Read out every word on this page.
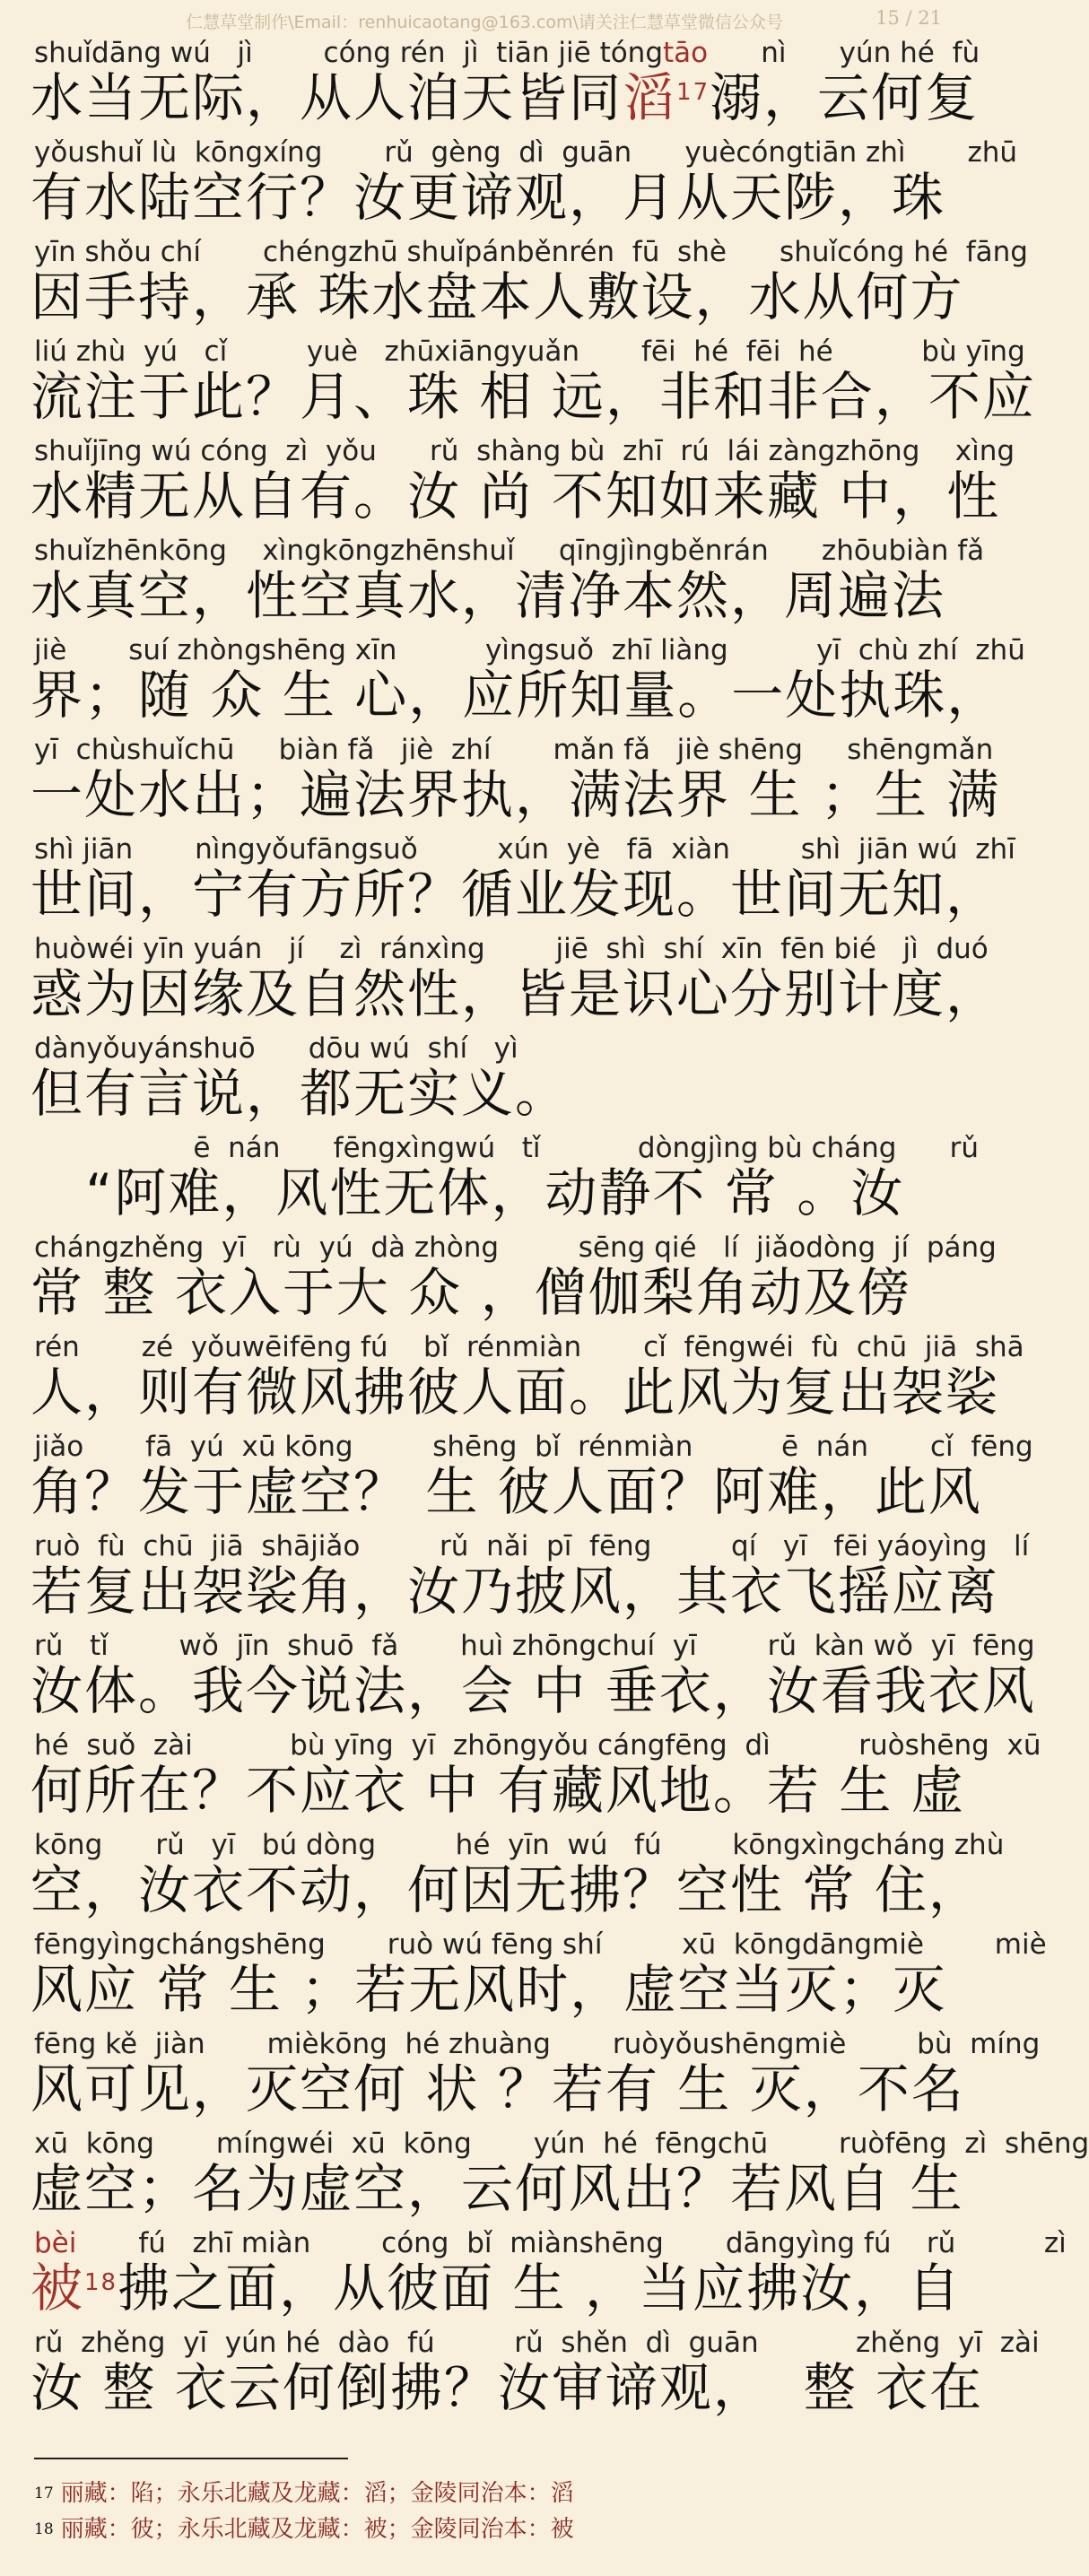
仁慧草堂制作\Email：renhuicaotang@163.com\请关注仁慧草堂微信公众号	15 / 21
shuǐdāng wú   jì        cóng rén  jì  tiān jiē tóngtāo      nì      yún hé  fù
水当无际，从人洎天皆同滔$^{17}$溺，云何复
yǒushuǐ lù  kōngxíng       rǔ  gèng  dì  guān      yuècóngtiān zhì       zhū
有水陆空行？汝更谛观，月从天陟，珠
yīn shǒu chí       chéngzhū shuǐpánběnrén  fū  shè      shuǐcóng hé  fāng
因手持，承 珠水盘本人敷设，水从何方
liú zhù  yú   cǐ         yuè   zhūxiāngyuǎn       fēi  hé  fēi  hé          bù yīng
流注于此？月、珠 相 远，非和非合，不应
shuǐjīng wú cóng  zì  yǒu      rǔ  shàng bù  zhī  rú  lái zàngzhōng    xìng
水精无从自有。汝 尚 不知如来藏 中，性
shuǐzhēnkōng    xìngkōngzhēnshuǐ     qīngjìngběnrán      zhōubiàn fǎ
水真空，性空真水，清净本然，周遍法
jiè       suí zhòngshēng xīn          yìngsuǒ  zhī liàng          yī  chù zhí  zhū
界；随 众 生 心，应所知量。一处执珠，
yī  chùshuǐchū     biàn fǎ   jiè  zhí       mǎn fǎ   jiè shēng     shēngmǎn
一处水出；遍法界执，满法界 生 ；生 满
shì jiān       nìngyǒufāngsuǒ         xún  yè   fā  xiàn        shì  jiān wú  zhī
世间，宁有方所？循业发现。世间无知，
huòwéi yīn yuán   jí    zì  ránxìng        jiē  shì  shí  xīn  fēn bié   jì  duó
惑为因缘及自然性，皆是识心分别计度，
dànyǒuyánshuō      dōu wú  shí   yì
但有言说，都无实义。
ē  nán      fēngxìngwú   tǐ           dòngjìng bù cháng      rǔ
“阿难，风性无体，动静不 常 。汝
chángzhěng  yī   rù  yú  dà zhòng         sēng qié   lí  jiǎodòng  jí  páng
常 整 衣入于大 众 ，僧伽梨角动及傍
rén       zé  yǒuwēifēng fú    bǐ  rénmiàn       cǐ  fēngwéi  fù  chū  jiā  shā
人，则有微风拂彼人面。此风为复出袈裟
jiǎo       fā  yú  xū kōng         shēng  bǐ  rénmiàn          ē  nán       cǐ  fēng
角？发于虚空？ 生 彼人面？阿难，此风
ruò  fù  chū  jiā  shājiǎo         rǔ  nǎi  pī  fēng         qí   yī   fēi yáoyìng   lí
若复出袈裟角，汝乃披风，其衣飞摇应离
rǔ   tǐ        wǒ  jīn  shuō  fǎ       huì zhōngchuí  yī        rǔ  kàn wǒ  yī  fēng
汝体。我今说法，会 中 垂衣，汝看我衣风
hé  suǒ  zài           bù yīng  yī  zhōngyǒu cángfēng  dì          ruòshēng  xū
何所在？不应衣 中 有藏风地。若 生 虚
kōng      rǔ   yī   bú dòng         hé  yīn  wú   fú        kōngxìngcháng zhù
空，汝衣不动，何因无拂？空性 常 住，
fēngyìngchángshēng       ruò wú fēng shí         xū  kōngdāngmiè        miè
风应 常 生 ；若无风时，虚空当灭；灭
fēng kě  jiàn       mièkōng  hé zhuàng       ruòyǒushēngmiè        bù  míng
风可见，灭空何 状 ？若有 生 灭，不名
xū  kōng       míngwéi  xū  kōng       yún  hé  fēngchū        ruòfēng  zì  shēng
虚空；名为虚空，云何风出？若风自 生
bèi       fú   zhī miàn        cóng  bǐ  miànshēng       dāngyìng fú    rǔ          zì
被$^{18}$拂之面，从彼面 生 ，当应拂汝，自
rǔ  zhěng  yī  yún hé  dào  fú         rǔ  shěn  dì  guān           zhěng  yī  zài
汝 整 衣云何倒拂？汝审谛观，  整 衣在
$^{17}$ 丽藏：陷；永乐北藏及龙藏：滔；金陵同治本：滔
$^{18}$ 丽藏：彼；永乐北藏及龙藏：被；金陵同治本：被
